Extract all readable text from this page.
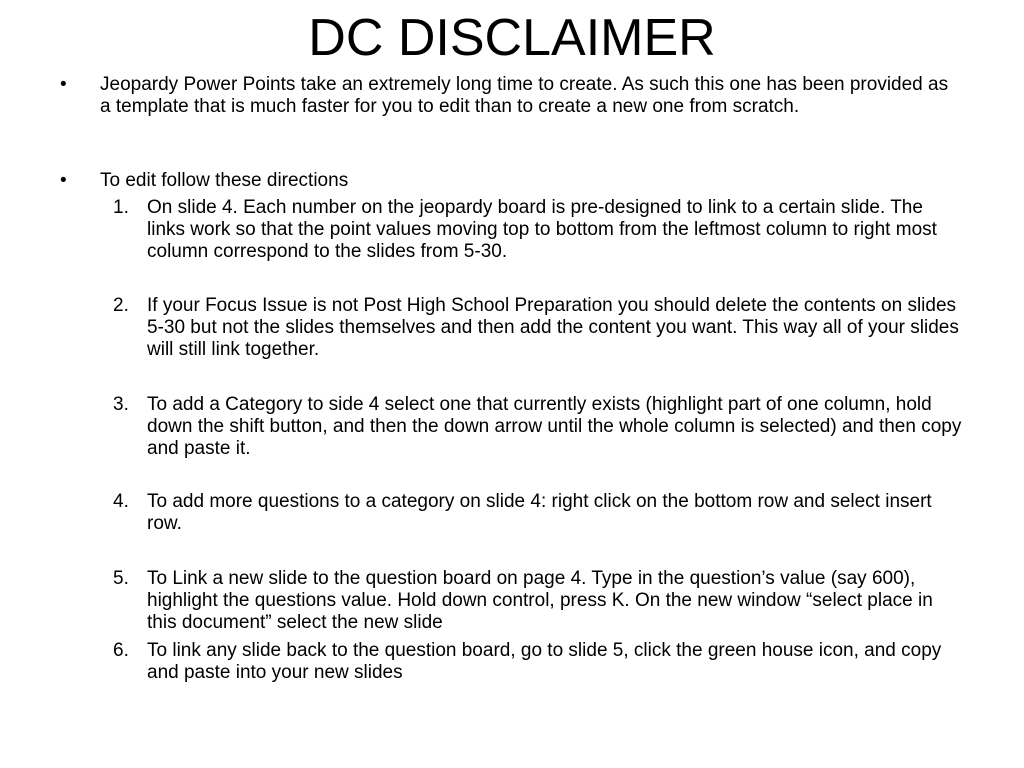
DC DISCLAIMER
• Jeopardy Power Points take an extremely long time to create. As such this one has been provided as a template that is much faster for you to edit than to create a new one from scratch.
• To edit follow these directions
1. On slide 4. Each number on the jeopardy board is pre-designed to link to a certain slide. The links work so that the point values moving top to bottom from the leftmost column to right most column correspond to the slides from 5-30.
2. If your Focus Issue is not Post High School Preparation you should delete the contents on slides 5-30 but not the slides themselves and then add the content you want. This way all of your slides will still link together.
3. To add a Category to side 4 select one that currently exists (highlight part of one column, hold down the shift button, and then the down arrow until the whole column is selected) and then copy and paste it.
4. To add more questions to a category on slide 4: right click on the bottom row and select insert row.
5. To Link a new slide to the question board on page 4. Type in the question’s value (say 600), highlight the questions value. Hold down control, press K. On the new window “select place in this document” select the new slide
6. To link any slide back to the question board, go to slide 5, click the green house icon, and copy and paste into your new slides
